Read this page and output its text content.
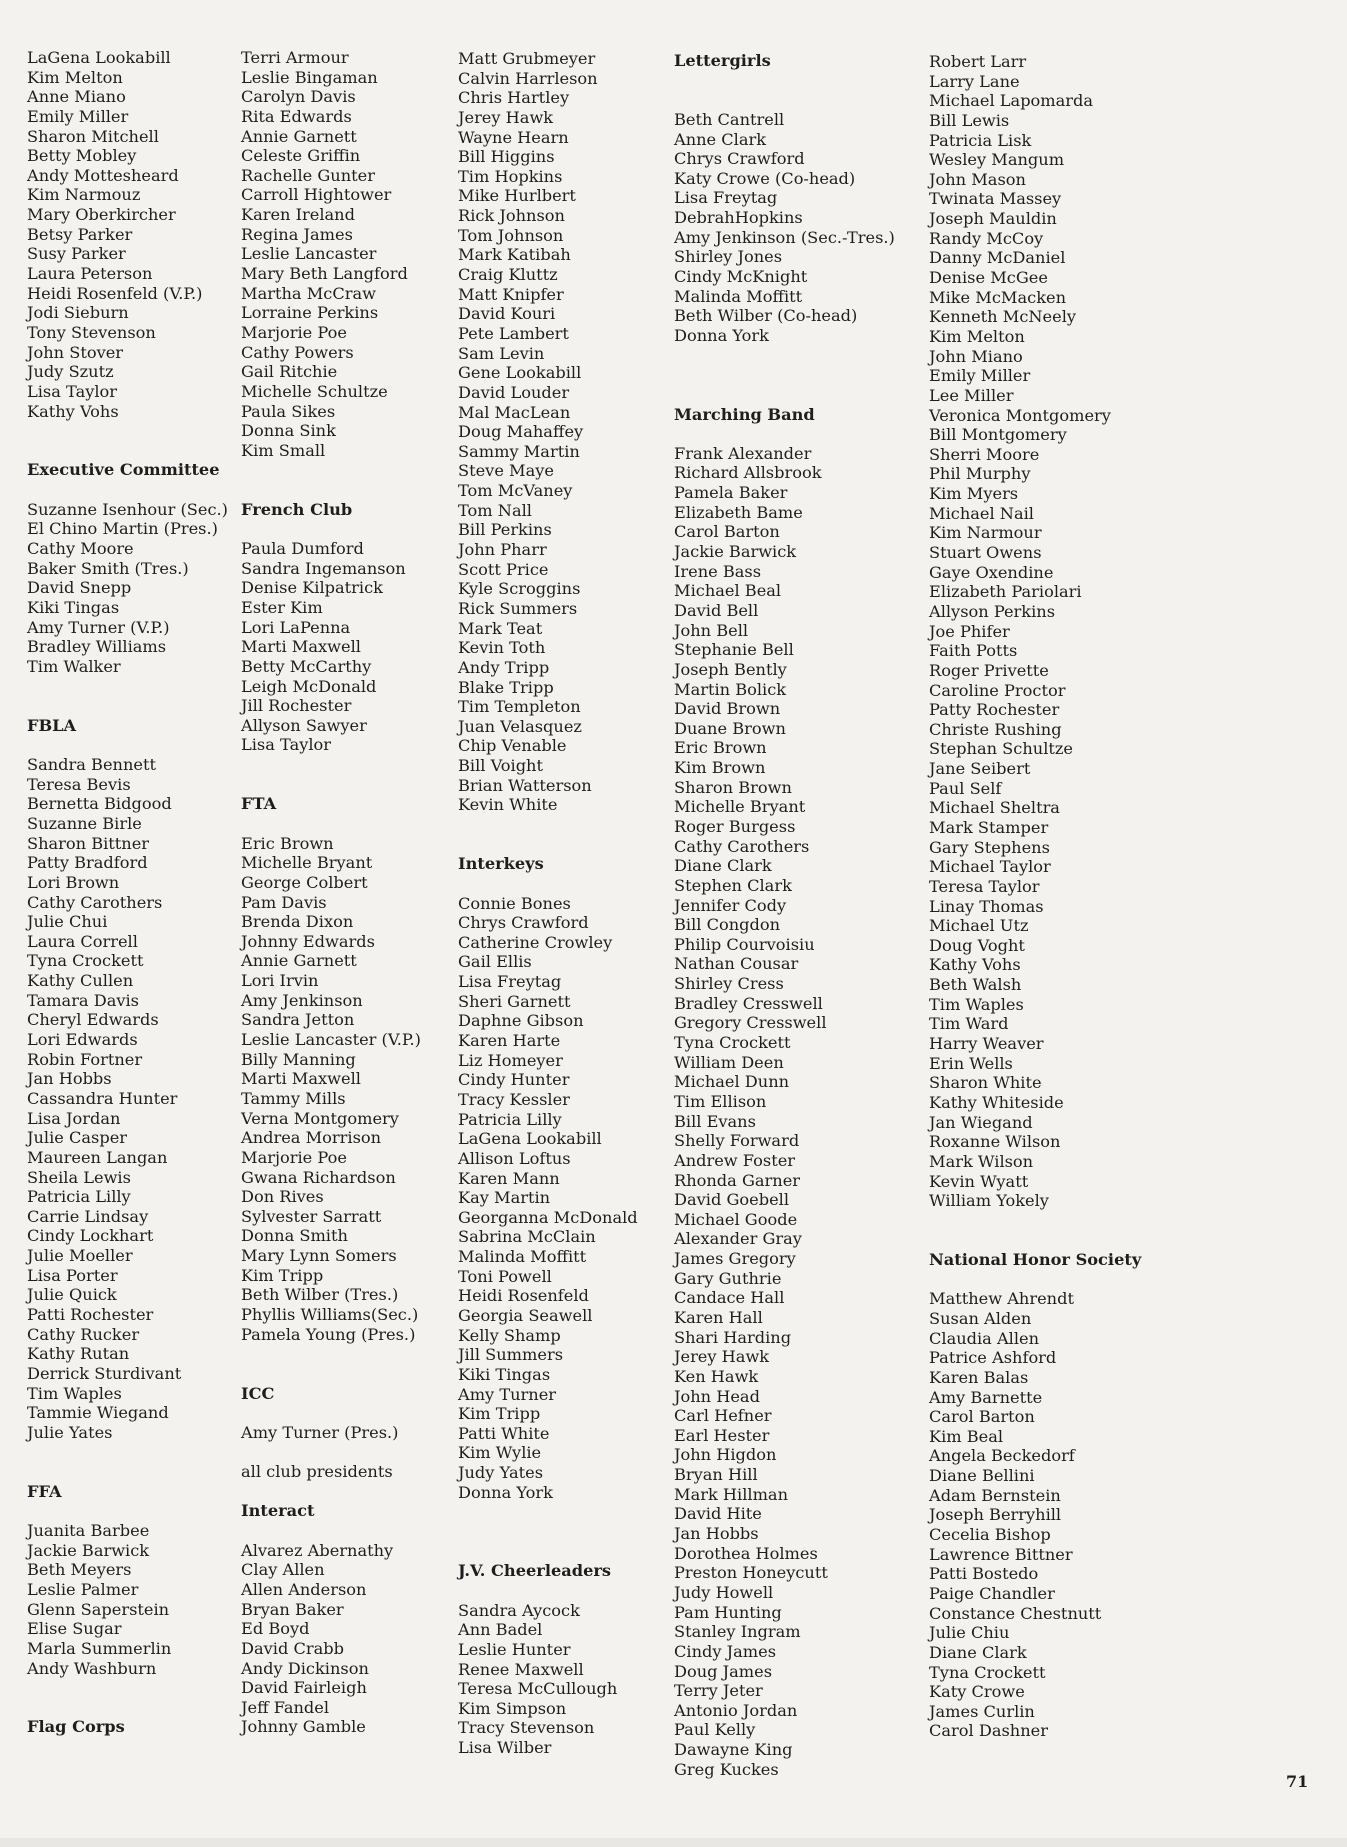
LaGena Lookabill
Kim Melton
Anne Miano
Emily Miller
Sharon Mitchell
Betty Mobley
Andy Mottesheard
Kim Narmouz
Mary Oberkircher
Betsy Parker
Susy Parker
Laura Peterson
Heidi Rosenfeld (V.P.)
Jodi Sieburn
Tony Stevenson
John Stover
Judy Szutz
Lisa Taylor
Kathy Vohs
Executive Committee
Suzanne Isenhour (Sec.)
El Chino Martin (Pres.)
Cathy Moore
Baker Smith (Tres.)
David Snepp
Kiki Tingas
Amy Turner (V.P.)
Bradley Williams
Tim Walker
FBLA
Sandra Bennett
Teresa Bevis
Bernetta Bidgood
Suzanne Birle
Sharon Bittner
Patty Bradford
Lori Brown
Cathy Carothers
Julie Chui
Laura Correll
Tyna Crockett
Kathy Cullen
Tamara Davis
Cheryl Edwards
Lori Edwards
Robin Fortner
Jan Hobbs
Cassandra Hunter
Lisa Jordan
Julie Casper
Maureen Langan
Sheila Lewis
Patricia Lilly
Carrie Lindsay
Cindy Lockhart
Julie Moeller
Lisa Porter
Julie Quick
Patti Rochester
Cathy Rucker
Kathy Rutan
Derrick Sturdivant
Tim Waples
Tammie Wiegand
Julie Yates
FFA
Juanita Barbee
Jackie Barwick
Beth Meyers
Leslie Palmer
Glenn Saperstein
Elise Sugar
Marla Summerlin
Andy Washburn
Flag Corps
Terri Armour
Leslie Bingaman
Carolyn Davis
Rita Edwards
Annie Garnett
Celeste Griffin
Rachelle Gunter
Carroll Hightower
Karen Ireland
Regina James
Leslie Lancaster
Mary Beth Langford
Martha McCraw
Lorraine Perkins
Marjorie Poe
Cathy Powers
Gail Ritchie
Michelle Schultze
Paula Sikes
Donna Sink
Kim Small
French Club
Paula Dumford
Sandra Ingemanson
Denise Kilpatrick
Ester Kim
Lori LaPenna
Marti Maxwell
Betty McCarthy
Leigh McDonald
Jill Rochester
Allyson Sawyer
Lisa Taylor
FTA
Eric Brown
Michelle Bryant
George Colbert
Pam Davis
Brenda Dixon
Johnny Edwards
Annie Garnett
Lori Irvin
Amy Jenkinson
Sandra Jetton
Leslie Lancaster (V.P.)
Billy Manning
Marti Maxwell
Tammy Mills
Verna Montgomery
Andrea Morrison
Marjorie Poe
Gwana Richardson
Don Rives
Sylvester Sarratt
Donna Smith
Mary Lynn Somers
Kim Tripp
Beth Wilber (Tres.)
Phyllis Williams(Sec.)
Pamela Young (Pres.)
ICC
Amy Turner (Pres.)
all club presidents
Interact
Alvarez Abernathy
Clay Allen
Allen Anderson
Bryan Baker
Ed Boyd
David Crabb
Andy Dickinson
David Fairleigh
Jeff Fandel
Johnny Gamble
Matt Grubmeyer
Calvin Harrleson
Chris Hartley
Jerey Hawk
Wayne Hearn
Bill Higgins
Tim Hopkins
Mike Hurlbert
Rick Johnson
Tom Johnson
Mark Katibah
Craig Kluttz
Matt Knipfer
David Kouri
Pete Lambert
Sam Levin
Gene Lookabill
David Louder
Mal MacLean
Doug Mahaffey
Sammy Martin
Steve Maye
Tom McVaney
Tom Nall
Bill Perkins
John Pharr
Scott Price
Kyle Scroggins
Rick Summers
Mark Teat
Kevin Toth
Andy Tripp
Blake Tripp
Tim Templeton
Juan Velasquez
Chip Venable
Bill Voight
Brian Watterson
Kevin White
Interkeys
Connie Bones
Chrys Crawford
Catherine Crowley
Gail Ellis
Lisa Freytag
Sheri Garnett
Daphne Gibson
Karen Harte
Liz Homeyer
Cindy Hunter
Tracy Kessler
Patricia Lilly
LaGena Lookabill
Allison Loftus
Karen Mann
Kay Martin
Georganna McDonald
Sabrina McClain
Malinda Moffitt
Toni Powell
Heidi Rosenfeld
Georgia Seawell
Kelly Shamp
Jill Summers
Kiki Tingas
Amy Turner
Kim Tripp
Patti White
Kim Wylie
Judy Yates
Donna York
J.V. Cheerleaders
Sandra Aycock
Ann Badel
Leslie Hunter
Renee Maxwell
Teresa McCullough
Kim Simpson
Tracy Stevenson
Lisa Wilber
Lettergirls
Beth Cantrell
Anne Clark
Chrys Crawford
Katy Crowe (Co-head)
Lisa Freytag
DebrahHopkins
Amy Jenkinson (Sec.-Tres.)
Shirley Jones
Cindy McKnight
Malinda Moffitt
Beth Wilber (Co-head)
Donna York
Marching Band
Frank Alexander
Richard Allsbrook
Pamela Baker
Elizabeth Bame
Carol Barton
Jackie Barwick
Irene Bass
Michael Beal
David Bell
John Bell
Stephanie Bell
Joseph Bently
Martin Bolick
David Brown
Duane Brown
Eric Brown
Kim Brown
Sharon Brown
Michelle Bryant
Roger Burgess
Cathy Carothers
Diane Clark
Stephen Clark
Jennifer Cody
Bill Congdon
Philip Courvoisiu
Nathan Cousar
Shirley Cress
Bradley Cresswell
Gregory Cresswell
Tyna Crockett
William Deen
Michael Dunn
Tim Ellison
Bill Evans
Shelly Forward
Andrew Foster
Rhonda Garner
David Goebell
Michael Goode
Alexander Gray
James Gregory
Gary Guthrie
Candace Hall
Karen Hall
Shari Harding
Jerey Hawk
Ken Hawk
John Head
Carl Hefner
Earl Hester
John Higdon
Bryan Hill
Mark Hillman
David Hite
Jan Hobbs
Dorothea Holmes
Preston Honeycutt
Judy Howell
Pam Hunting
Stanley Ingram
Cindy James
Doug James
Terry Jeter
Antonio Jordan
Paul Kelly
Dawayne King
Greg Kuckes
Robert Larr
Larry Lane
Michael Lapomarda
Bill Lewis
Patricia Lisk
Wesley Mangum
John Mason
Twinata Massey
Joseph Mauldin
Randy McCoy
Danny McDaniel
Denise McGee
Mike McMacken
Kenneth McNeely
Kim Melton
John Miano
Emily Miller
Lee Miller
Veronica Montgomery
Bill Montgomery
Sherri Moore
Phil Murphy
Kim Myers
Michael Nail
Kim Narmour
Stuart Owens
Gaye Oxendine
Elizabeth Pariolari
Allyson Perkins
Joe Phifer
Faith Potts
Roger Privette
Caroline Proctor
Patty Rochester
Christe Rushing
Stephan Schultze
Jane Seibert
Paul Self
Michael Sheltra
Mark Stamper
Gary Stephens
Michael Taylor
Teresa Taylor
Linay Thomas
Michael Utz
Doug Voght
Kathy Vohs
Beth Walsh
Tim Waples
Tim Ward
Harry Weaver
Erin Wells
Sharon White
Kathy Whiteside
Jan Wiegand
Roxanne Wilson
Mark Wilson
Kevin Wyatt
William Yokely
National Honor Society
Matthew Ahrendt
Susan Alden
Claudia Allen
Patrice Ashford
Karen Balas
Amy Barnette
Carol Barton
Kim Beal
Angela Beckedorf
Diane Bellini
Adam Bernstein
Joseph Berryhill
Cecelia Bishop
Lawrence Bittner
Patti Bostedo
Paige Chandler
Constance Chestnutt
Julie Chiu
Diane Clark
Tyna Crockett
Katy Crowe
James Curlin
Carol Dashner
71
